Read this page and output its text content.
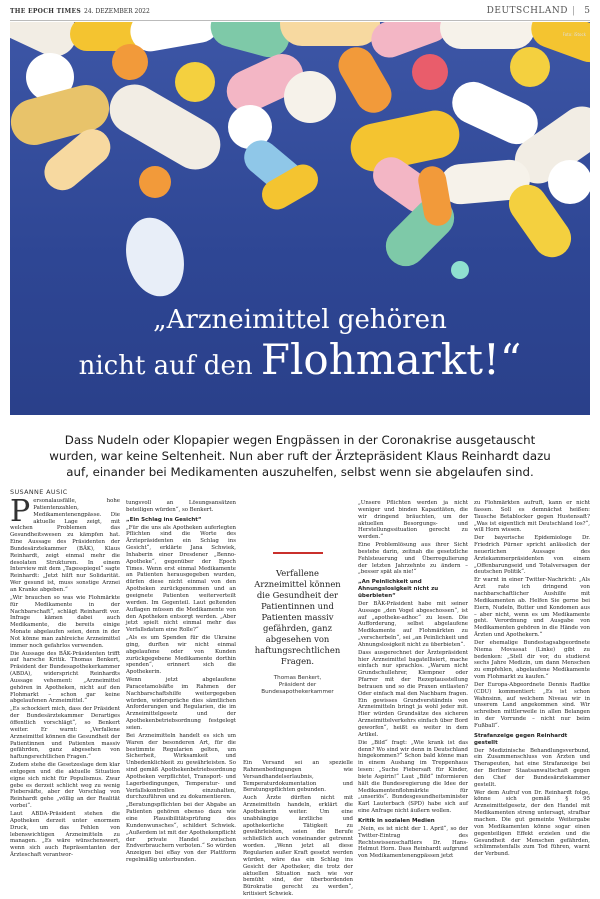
THE EPOCH TIMES 24. DEZEMBER 2022	DEUTSCHLAND | 5
Foto: iStock
„Arzneimittel gehören
nicht auf den Flohmarkt!“
Dass Nudeln oder Klopapier wegen Engpässen in der Coronakrise ausgetauscht wurden, war keine Seltenheit. Nun aber ruft der Ärztepräsident Klaus Reinhardt dazu auf, einander bei Medikamenten auszuhelfen, selbst wenn sie abgelaufen sind.
SUSANNE AUSIC

Personalausfälle, hohe Patientenzahlen, Medikamentenengpässe. Die aktuelle Lage zeigt, mit welchen Problemen das Gesundheitswesen zu kämpfen hat. Eine Aussage des Präsidenten der Bundesärztekammer (BÄK), Klaus Reinhardt, zeigt einmal mehr die desolaten Strukturen. In einem Interview mit dem „Tagesspiegel“ sagte Reinhardt: „Jetzt hilft nur Solidarität. Wer gesund ist, muss sonstige Arznei an Kranke abgeben.“

„Wir brauchen so was wie Flohmärkte für Medikamente in der Nachbarschaft“, schlägt Reinhardt vor. Infrage kämen dabei auch Medikamente, die bereits einige Monate abgelaufen seien, denn in der Not könne man zahlreiche Arzneimittel immer noch gefahrlos verwenden.

Die Aussage des BÄK-Präsidenten trifft auf harsche Kritik. Thomas Benkert, Präsident der Bundesapothekerkammer (ABDA), widerspricht Reinhardts Aussage vehement: „Arzneimittel gehören in Apotheken, nicht auf den Flohmarkt – schon gar keine abgelaufenen Arzneimittel.“

„Es schockiert mich, dass der Präsident der Bundesärztekammer Derartiges öffentlich vorschlägt“, so Benkert weiter. Er warnt: „Verfallene Arzneimittel können die Gesundheit der Patientinnen und Patienten massiv gefährden, ganz abgesehen von haftungsrechtlichen Fragen.“

Zudem stehe die Gesetzeslage dem klar entgegen und die aktuelle Situation eigne sich nicht für Populismus. Zwar gebe es derzeit schlicht weg zu wenig Fiebersäfte, aber der Vorschlag von Reinhardt gehe „völlig an der Realität vorbei“.

Laut ABDA-Präsident stehen die Apotheken derzeit unter enormem Druck, um das Fehlen von lebenswichtigen Arzneimitteln zu managen. „Es wäre wünschenswert, wenn sich auch Repräsentanten der Ärzteschaft verantwor-

tungsvoll an Lösungsansätzen beteiligen würden“, so Benkert.

„Ein Schlag ins Gesicht“

„Für die uns als Apotheken auferlegten Pflichten sind die Worte des Ärztepräsidenten ein Schlag ins Gesicht“, erklärte Jana Schwiek, Inhaberin einer Dresdener „Benno-Apotheke“, gegenüber der Epoch Times. Wenn erst einmal Medikamente an Patienten herausgegeben wurden, dürfen diese nicht einmal von den Apotheken zurückgenommen und an geeignete Patienten weiterverteilt werden. Im Gegenteil. Laut geltenden Auflagen müssen die Medikamente von den Apotheken entsorgt werden. „Aber jetzt spielt nicht einmal mehr das Verfallsdatum eine Rolle?“

„Als es um Spenden für die Ukraine ging, durften wir nicht einmal abgelaufene oder von Kunden zurückgegebene Medikamente dorthin spenden“, erinnert sich die Apothekerin.

Wenn jetzt abgelaufene Paracetamolsäfte im Rahmen der Nachbarschaftshilfe weitergegeben würden, widerspräche dies sämtlichen Anforderungen und Regularien, die im Arzneimittelgesetz und der Apothekenbetriebsordnung festgelegt seien.

Bei Arzneimitteln handelt es sich um Waren der besonderen Art, für die bestimmte Regularien gelten, um Sicherheit, Wirksamkeit und Unbedenklichkeit zu gewährleisten. So sind gemäß Apothekenbetriebsordnung Apotheken verpflichtet, Transport- und Lagerbedingungen, Temperatur- und Verfallskontrollen einzuhalten, durchzuführen und zu dokumentieren.

„Beratungspflichten bei der Abgabe an Patienten gehören ebenso dazu wie eine Plausibilitätsprüfung des Kundenwunsches“, schildert Schwiek. „Außerdem ist mit der Apothekenpflicht der private Handel zwischen Endverbrauchern verboten.“ So würden Anzeigen bei eBay von der Plattform regelmäßig unterbunden.

Verfallene Arzneimittel können die Gesundheit der Patientinnen und Patienten massiv gefährden, ganz abgesehen von haftungsrechtlichen Fragen.
Thomas Benkert,
Präsident der
Bundesapothekerkammer

Ein Versand sei an spezielle Rahmenbedingungen wie Versandhandelserlaubnis, Temperaturdokumentation und Beratungspflichten gebunden.

Auch Ärzte dürften nicht mit Arzneimitteln handeln, erklärt die Apothekerin weiter. Um eine unabhängige ärztliche und apothekerliche Tätigkeit zu gewährleisten, seien die Berufe schließlich auch voneinander getrennt worden. „Wenn jetzt all diese Regularien außer Kraft gesetzt werden würden, wäre das ein Schlag ins Gesicht der Apotheker, die trotz der aktuellen Situation nach wie vor bemüht sind, der überbordenden Bürokratie gerecht zu werden“, kritisiert Schwiek.

„Unsere Pflichten werden ja nicht weniger und binden Kapazitäten, die wir dringend bräuchten, um der aktuellen Besorgungs- und Herstellungssituation gerecht zu werden.“

Eine Problemlösung aus ihrer Sicht bestehe darin, zeitnah die gesetzliche Fehlsteuerung und Überregulierung der letzten Jahrzehnte zu ändern – „besser spät als nie!“

„An Peinlichkeit und Ahnungslosigkeit nicht zu überbieten“

Der BÄK-Präsident habe mit seiner Aussage „den Vogel abgeschossen“, ist auf „apotheke-adhoc“ zu lesen. Die Aufforderung, selbst abgelaufene Medikamente auf Flohmärkten zu „verscherbeln“, sei „an Peinlichkeit und Ahnungslosigkeit nicht zu überbieten“.

Dass ausgerechnet der Ärztepräsident hier Arzneimittel bagatellisiert, mache einfach nur sprachlos. „Warum nicht Grundschullehrer, Klempner oder Pfarrer mit der Rezeptausstellung betrauen und so die Praxen entlasten? Oder einfach mal den Nachbarn fragen. Ein gewisses Grundverständnis von Arzneimitteln bringt ja wohl jeder mit. Hier würden Grundsätze des sicheren Arzneimittelverkehrs einfach über Bord geworfen“, heißt es weiter in dem Artikel.

Die „Bild“ fragt: „Wie krank ist das denn? Wo sind wir denn in Deutschland hingekommen?“ Schon bald könne man in einem Aushang im Treppenhaus lesen: „Suche Fiebersaft für Kinder, biete Aspirin!“ Laut „Bild“ informieren hält die Bundesregierung die Idee der Medikamentenflohmärkte für „unseriös“. Bundesgesundheitsminister Karl Lauterbach (SPD) habe sich auf eine Anfrage nicht äußern wollen.

Kritik in sozialen Medien

„Nein, es ist nicht der 1. April“, so der Twitter-Eintrag des Rechtswissenschaftlers Dr. Hans-Helmut Horn. Dass Reinhardt aufgrund von Medikamentenengpässen jetzt

zu Flohmärkten aufruft, kann er nicht fassen. Soll es demnächst heißen: Tausche Betablocker gegen Hustensaft? „Was ist eigentlich mit Deutschland los?“, will Horn wissen.

Der bayerische Epidemiologe Dr. Friedrich Pürner spricht anlässlich der neuerlichen Aussage des Ärztekammerpräsidenten von einem „Offenbarungseid und Totalversagen der deutschen Politik“.

Er warnt in einer Twitter-Nachricht: „Als Arzt rate ich dringend von nachbarschaftlicher Aushilfe mit Medikamenten ab. Helfen Sie gerne bei Eiern, Nudeln, Butter und Kondomen aus – aber nicht, wenn es um Medikamente geht. Verordnung und Ausgabe von Medikamenten gehören in die Hände von Ärzten und Apothekern.“

Der ehemalige Bundestagsabgeordnete Niema Movassat (Linke) gibt zu bedenken: „Stell dir vor, du studierst sechs Jahre Medizin, um dann Menschen zu empfehlen, abgelaufene Medikamente vom Flohmarkt zu kaufen.“

Der Europa-Abgeordnete Dennis Radtke (CDU) kommentiert: „Es ist schon Wahnsinn, auf welchem Niveau wir in unserem Land angekommen sind. Wir schreiben mittlerweile in allen Belangen in der Vorrunde – nicht nur beim Fußball“.

Strafanzeige gegen Reinhardt gestellt

Der Medizinische Behandlungsverbund, ein Zusammenschluss von Ärzten und Therapeuten, hat eine Strafanzeige bei der Berliner Staatsanwaltschaft gegen den Chef der Bundesärztekammer gestellt.

Wer dem Aufruf von Dr. Reinhardt folge, könne sich gemäß § 95 Arzneimittelgesetz, der den Handel mit Medikamenten streng untersagt, strafbar machen. Die gut gemeinte Weitergabe von Medikamenten könne sogar einen gegenteiligen Effekt erzielen und die Gesundheit der Menschen gefährden, schlimmstenfalls zum Tod führen, warnt der Verbund.
